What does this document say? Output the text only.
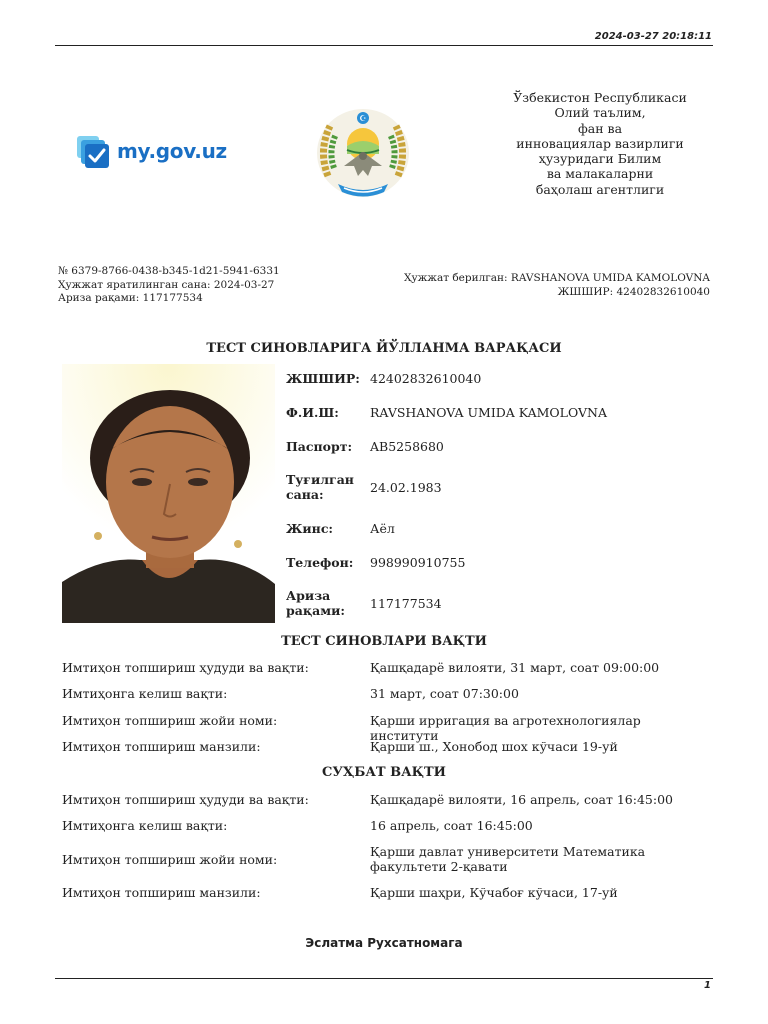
2024-03-27 20:18:11
my.gov.uz
☪
Ўзбекистон Республикаси
Олий таълим,
фан ва
инновациялар вазирлиги
ҳузуридаги Билим
ва малакаларни
баҳолаш агентлиги
№ 6379-8766-0438-b345-1d21-5941-6331
Ҳужжат яратилинган сана: 2024-03-27
Ариза рақами: 117177534
Ҳужжат берилган: RAVSHANOVA UMIDA KAMOLOVNA
ЖШШИР: 42402832610040
ТЕСТ СИНОВЛАРИГА ЙЎЛЛАНМА ВАРАҚАСИ
ЖШШИР: 42402832610040
Ф.И.Ш:	RAVSHANOVA UMIDA KAMOLOVNA
Паспорт:	AB5258680
Туғилган сана:	24.02.1983
Жинс:	Аёл
Телефон:	998990910755
Ариза рақами:	117177534
ТЕСТ СИНОВЛАРИ ВАҚТИ
Имтиҳон топшириш ҳудуди ва вақти:	Қашқадарё вилояти, 31 март, соат 09:00:00
Имтиҳонга келиш вақти:	31 март, соат 07:30:00
Имтиҳон топшириш жойи номи:	Қарши ирригация ва агротехнологиялар институти
Имтиҳон топшириш манзили:	Қарши ш., Хонобод шох кўчаси 19-уй
СУҲБАТ ВАҚТИ
Имтиҳон топшириш ҳудуди ва вақти:	Қашқадарё вилояти, 16 апрель, соат 16:45:00
Имтиҳонга келиш вақти:	16 апрель, соат 16:45:00
Имтиҳон топшириш жойи номи:
Қарши давлат университети Математика факультети 2-қавати
Имтиҳон топшириш манзили:	Қарши шаҳри, Кўчабоғ кўчаси, 17-уй
Эслатма Рухсатномага
1
